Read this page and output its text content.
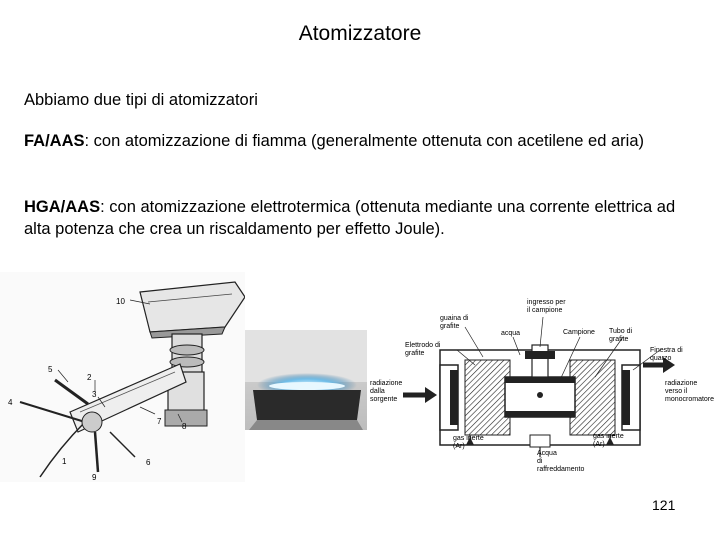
Atomizzatore
Abbiamo due tipi di atomizzatori
FA/AAS: con atomizzazione di fiamma (generalmente ottenuta con acetilene ed aria)
HGA/AAS: con atomizzazione elettrotermica (ottenuta mediante una corrente elettrica ad alta potenza che crea un riscaldamento per effetto Joule).
10
5
2
3
4
1
9
6
7
8
ingresso per il campione
guaina di grafite
acqua	Campione Tubo di grafite
Elettrodo di grafite	Finestra di quarzo
radiazione dalla sorgente
radiazione verso il monocromatore
gas inerte (Ar)
gas inerte (Ar)
Acqua di raffreddamento
121
